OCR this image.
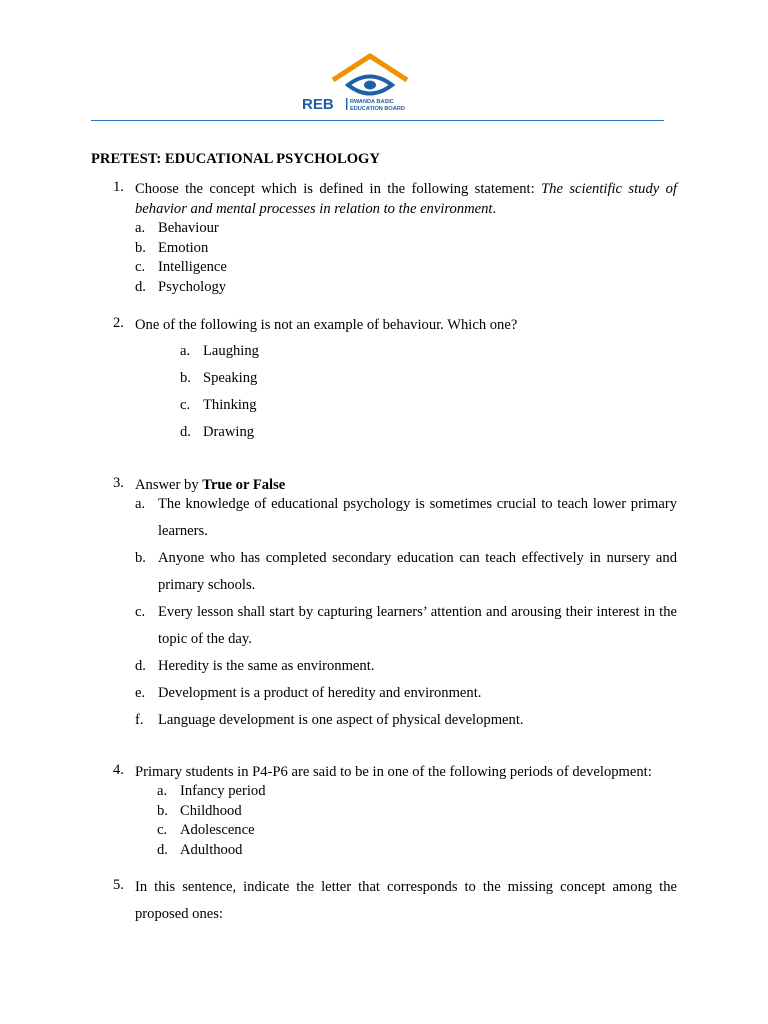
REB	RWANDA BASIC
EDUCATION BOARD
PRETEST: EDUCATIONAL PSYCHOLOGY
1. Choose the concept which is defined in the following statement: The scientific study of behavior and mental processes in relation to the environment.
a. Behaviour
b. Emotion
c. Intelligence
d. Psychology
2. One of the following is not an example of behaviour. Which one?
a. Laughing
b. Speaking
c. Thinking
d. Drawing
3. Answer by True or False
a. The knowledge of educational psychology is sometimes crucial to teach lower primary learners.
b. Anyone who has completed secondary education can teach effectively in nursery and primary schools.
c. Every lesson shall start by capturing learners’ attention and arousing their interest in the topic of the day.
d. Heredity is the same as environment.
e. Development is a product of heredity and environment.
f. Language development is one aspect of physical development.
4. Primary students in P4-P6 are said to be in one of the following periods of development:
a. Infancy period
b. Childhood
c. Adolescence
d. Adulthood
5. In this sentence, indicate the letter that corresponds to the missing concept among the proposed ones:
